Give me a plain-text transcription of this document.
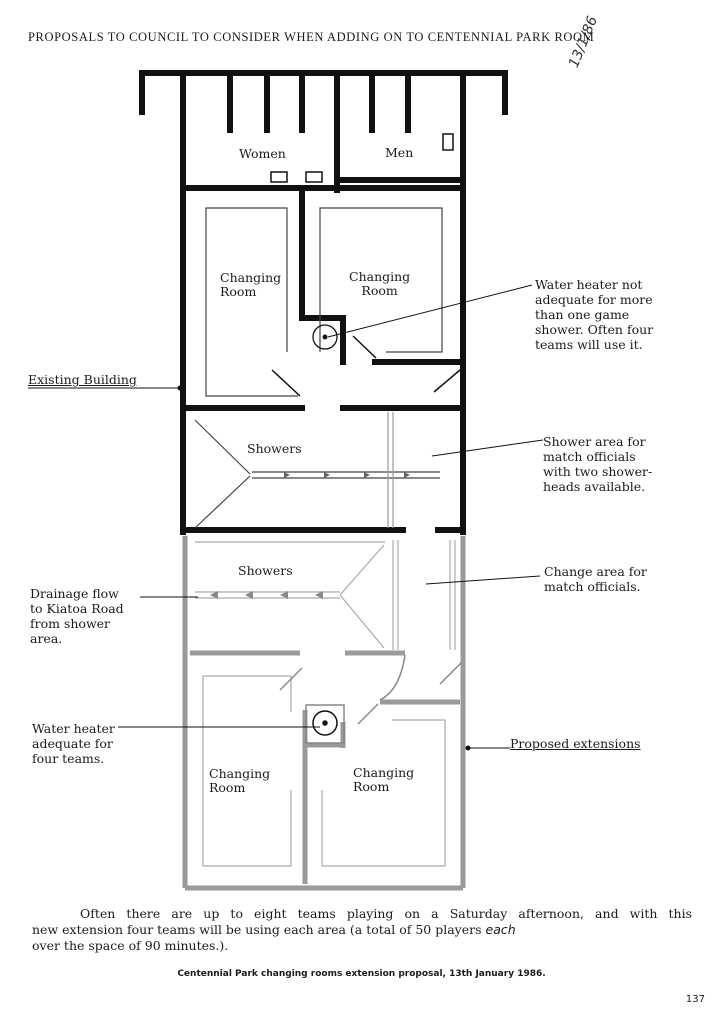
PROPOSALS TO COUNCIL TO CONSIDER WHEN ADDING ON TO CENTENNIAL PARK ROOM
13/1/86
Women	Men
Changing
Room
Changing
Room
Showers
Showers
Changing
Room
Changing
Room
Water heater not
adequate for more
than one game
shower. Often four
teams will use it.
Existing Building
Shower area for
match officials
with two shower-
heads available.
Drainage flow
to Kiatoa Road
from shower
area.
Change area for
match officials.
Water heater
adequate for
four teams.
Proposed extensions

Often there are up to eight teams playing on a Saturday afternoon, and with this

new extension four teams will be using each area (a total of 50 players each

over the space of 90 minutes.).

Centennial Park changing rooms extension proposal, 13th January 1986.
137
